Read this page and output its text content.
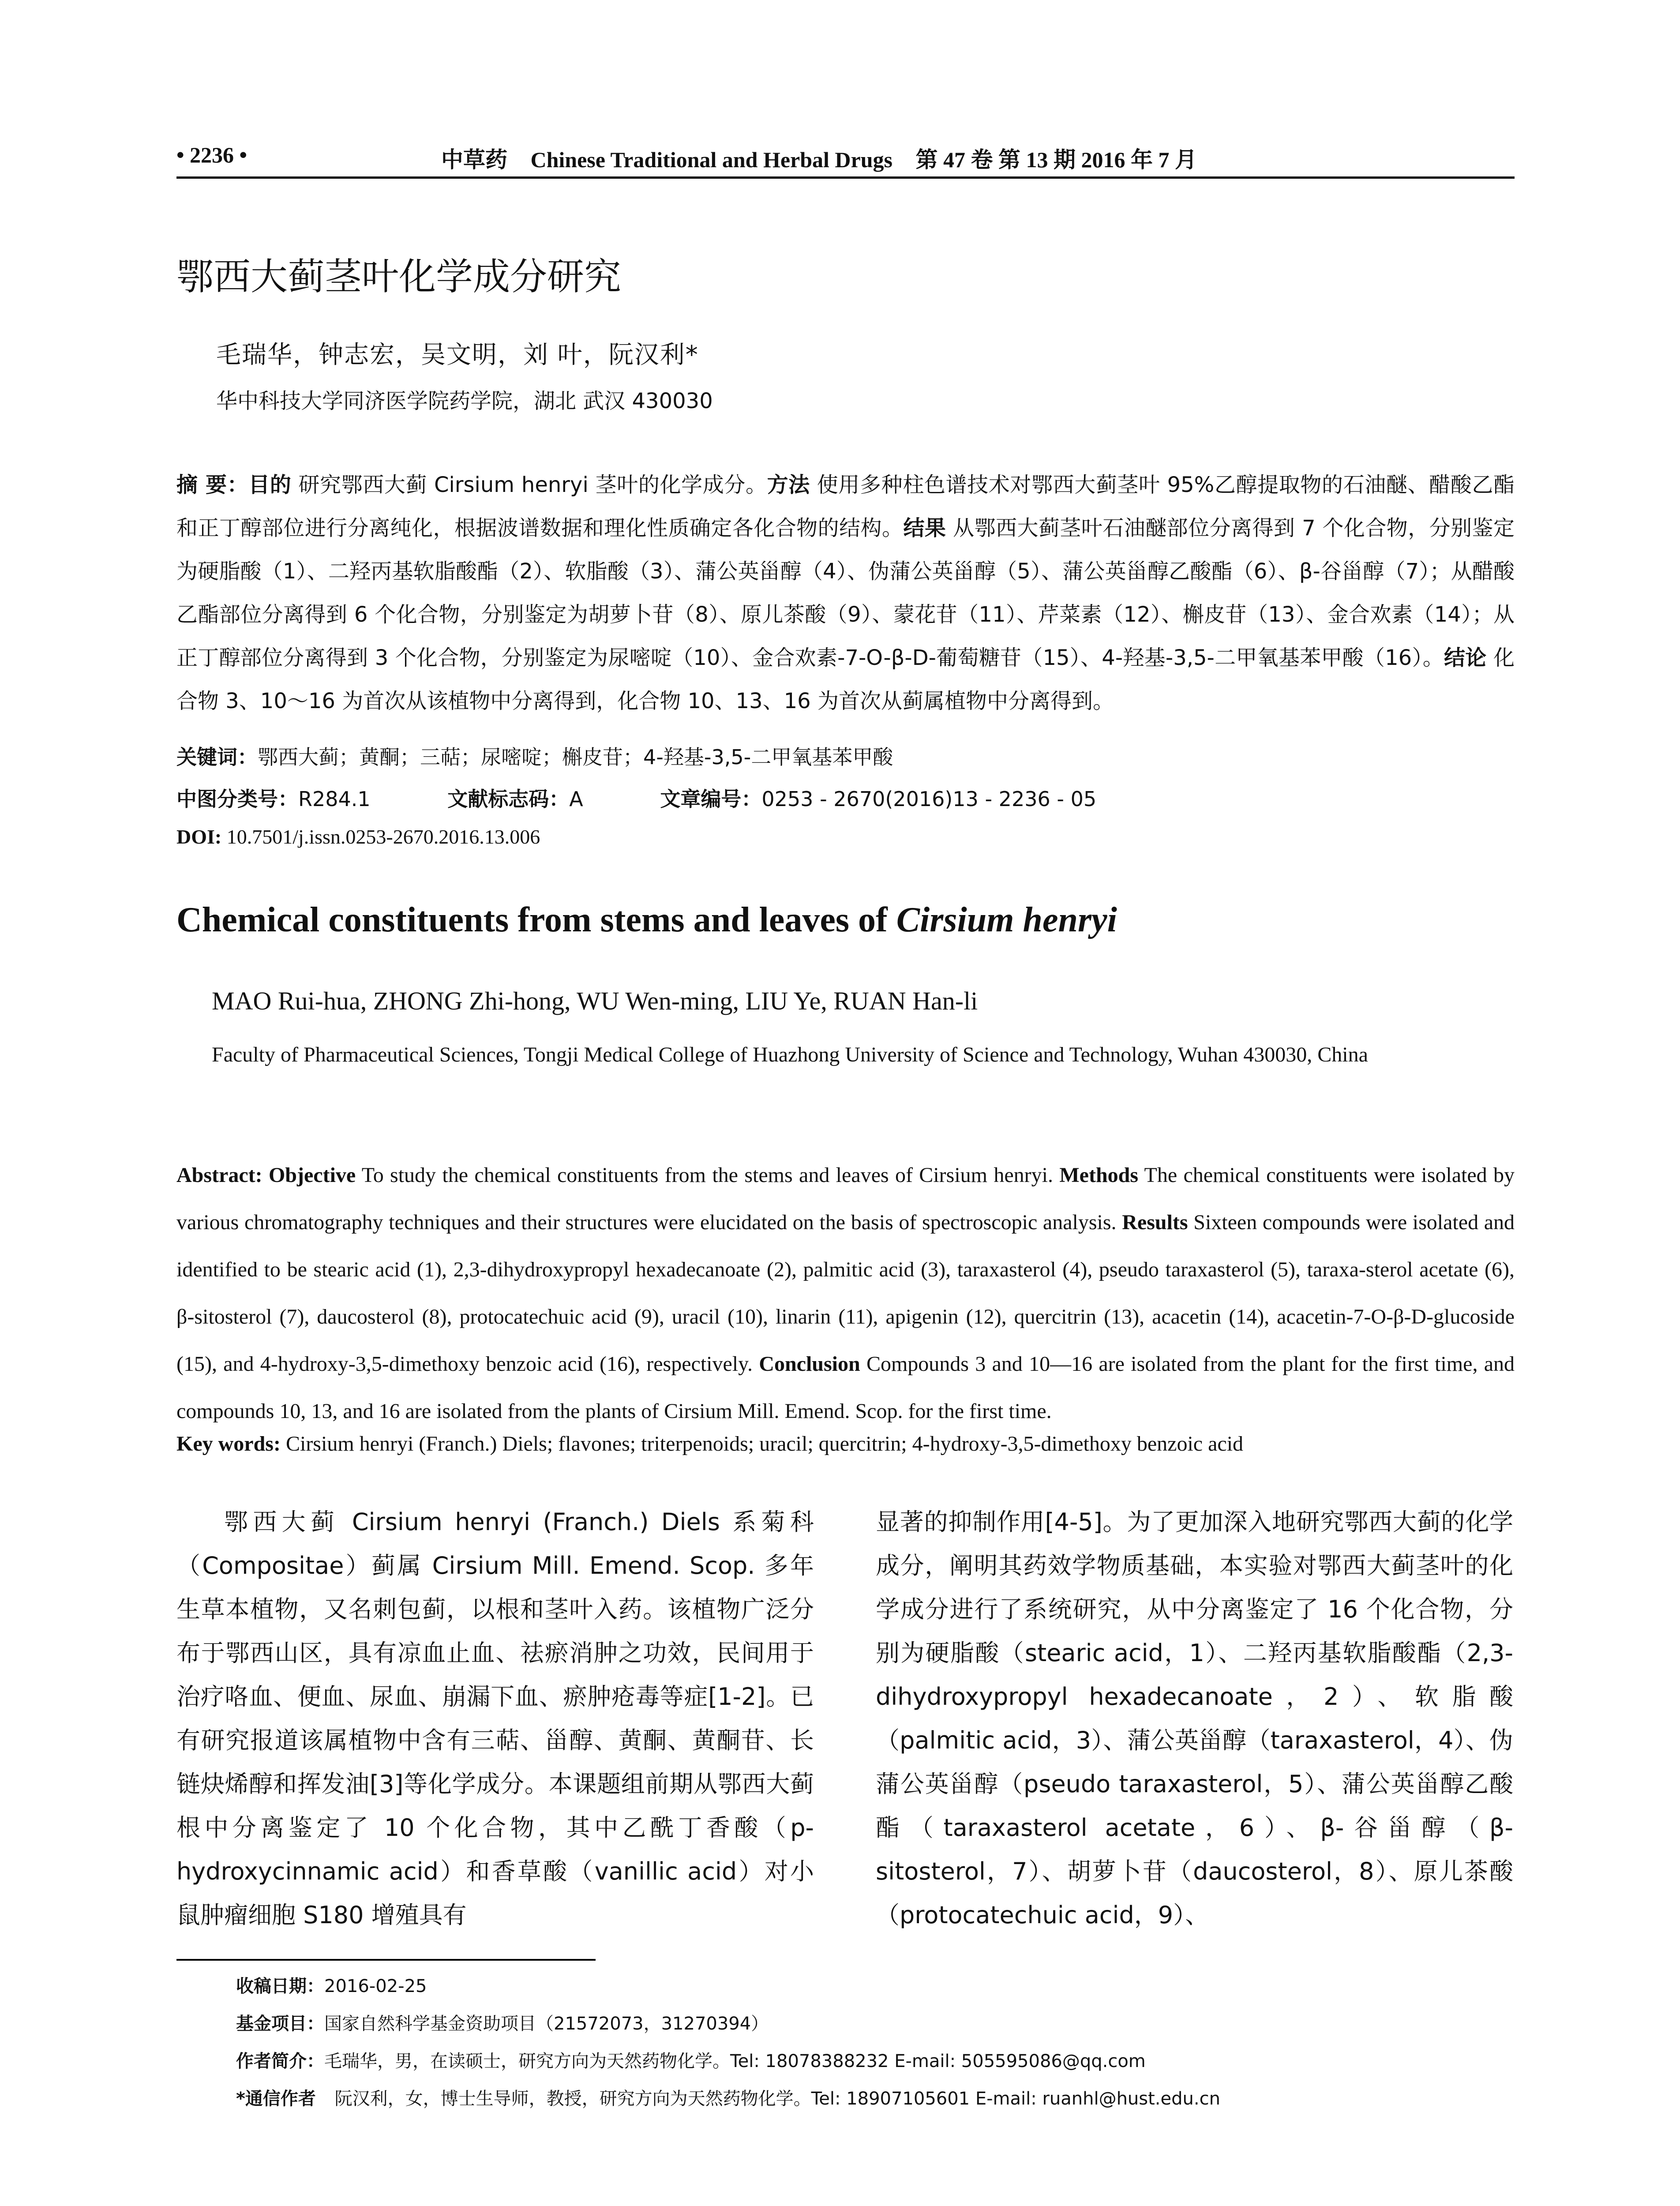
• 2236 •	中草药 Chinese Traditional and Herbal Drugs 第 47 卷 第 13 期 2016 年 7 月
鄂西大蓟茎叶化学成分研究
毛瑞华，钟志宏，吴文明，刘 叶，阮汉利*
华中科技大学同济医学院药学院，湖北 武汉 430030
摘 要：目的 研究鄂西大蓟 Cirsium henryi 茎叶的化学成分。方法 使用多种柱色谱技术对鄂西大蓟茎叶 95%乙醇提取物的石油醚、醋酸乙酯和正丁醇部位进行分离纯化，根据波谱数据和理化性质确定各化合物的结构。结果 从鄂西大蓟茎叶石油醚部位分离得到 7 个化合物，分别鉴定为硬脂酸（1）、二羟丙基软脂酸酯（2）、软脂酸（3）、蒲公英甾醇（4）、伪蒲公英甾醇（5）、蒲公英甾醇乙酸酯（6）、β-谷甾醇（7）；从醋酸乙酯部位分离得到 6 个化合物，分别鉴定为胡萝卜苷（8）、原儿茶酸（9）、蒙花苷（11）、芹菜素（12）、槲皮苷（13）、金合欢素（14）；从正丁醇部位分离得到 3 个化合物，分别鉴定为尿嘧啶（10）、金合欢素-7-O-β-D-葡萄糖苷（15）、4-羟基-3,5-二甲氧基苯甲酸（16）。结论 化合物 3、10～16 为首次从该植物中分离得到，化合物 10、13、16 为首次从蓟属植物中分离得到。
关键词：鄂西大蓟；黄酮；三萜；尿嘧啶；槲皮苷；4-羟基-3,5-二甲氧基苯甲酸
中图分类号：R284.1	文献标志码：A	文章编号：0253 - 2670(2016)13 - 2236 - 05
DOI: 10.7501/j.issn.0253-2670.2016.13.006
Chemical constituents from stems and leaves of Cirsium henryi
MAO Rui-hua, ZHONG Zhi-hong, WU Wen-ming, LIU Ye, RUAN Han-li
Faculty of Pharmaceutical Sciences, Tongji Medical College of Huazhong University of Science and Technology, Wuhan 430030, China
Abstract: Objective To study the chemical constituents from the stems and leaves of Cirsium henryi. Methods The chemical constituents were isolated by various chromatography techniques and their structures were elucidated on the basis of spectroscopic analysis. Results Sixteen compounds were isolated and identified to be stearic acid (1), 2,3-dihydroxypropyl hexadecanoate (2), palmitic acid (3), taraxasterol (4), pseudo taraxasterol (5), taraxa-sterol acetate (6), β-sitosterol (7), daucosterol (8), protocatechuic acid (9), uracil (10), linarin (11), apigenin (12), quercitrin (13), acacetin (14), acacetin-7-O-β-D-glucoside (15), and 4-hydroxy-3,5-dimethoxy benzoic acid (16), respectively. Conclusion Compounds 3 and 10—16 are isolated from the plant for the first time, and compounds 10, 13, and 16 are isolated from the plants of Cirsium Mill. Emend. Scop. for the first time.
Key words: Cirsium henryi (Franch.) Diels; flavones; triterpenoids; uracil; quercitrin; 4-hydroxy-3,5-dimethoxy benzoic acid
鄂西大蓟 Cirsium henryi (Franch.) Diels 系菊科（Compositae）蓟属 Cirsium Mill. Emend. Scop. 多年生草本植物，又名刺包蓟，以根和茎叶入药。该植物广泛分布于鄂西山区，具有凉血止血、祛瘀消肿之功效，民间用于治疗咯血、便血、尿血、崩漏下血、瘀肿疮毒等症[1-2]。已有研究报道该属植物中含有三萜、甾醇、黄酮、黄酮苷、长链炔烯醇和挥发油[3]等化学成分。本课题组前期从鄂西大蓟根中分离鉴定了 10 个化合物，其中乙酰丁香酸（p-hydroxycinnamic acid）和香草酸（vanillic acid）对小鼠肿瘤细胞 S180 增殖具有
显著的抑制作用[4-5]。为了更加深入地研究鄂西大蓟的化学成分，阐明其药效学物质基础，本实验对鄂西大蓟茎叶的化学成分进行了系统研究，从中分离鉴定了 16 个化合物，分别为硬脂酸（stearic acid，1）、二羟丙基软脂酸酯（2,3-dihydroxypropyl hexadecanoate，2）、软脂酸（palmitic acid，3）、蒲公英甾醇（taraxasterol，4）、伪蒲公英甾醇（pseudo taraxasterol，5）、蒲公英甾醇乙酸酯（taraxasterol acetate，6）、β-谷甾醇（β-sitosterol，7）、胡萝卜苷（daucosterol，8）、原儿茶酸（protocatechuic acid，9）、
收稿日期：2016-02-25
基金项目：国家自然科学基金资助项目（21572073，31270394）
作者简介：毛瑞华，男，在读硕士，研究方向为天然药物化学。Tel: 18078388232 E-mail: 505595086@qq.com
*通信作者 阮汉利，女，博士生导师，教授，研究方向为天然药物化学。Tel: 18907105601 E-mail: ruanhl@hust.edu.cn
